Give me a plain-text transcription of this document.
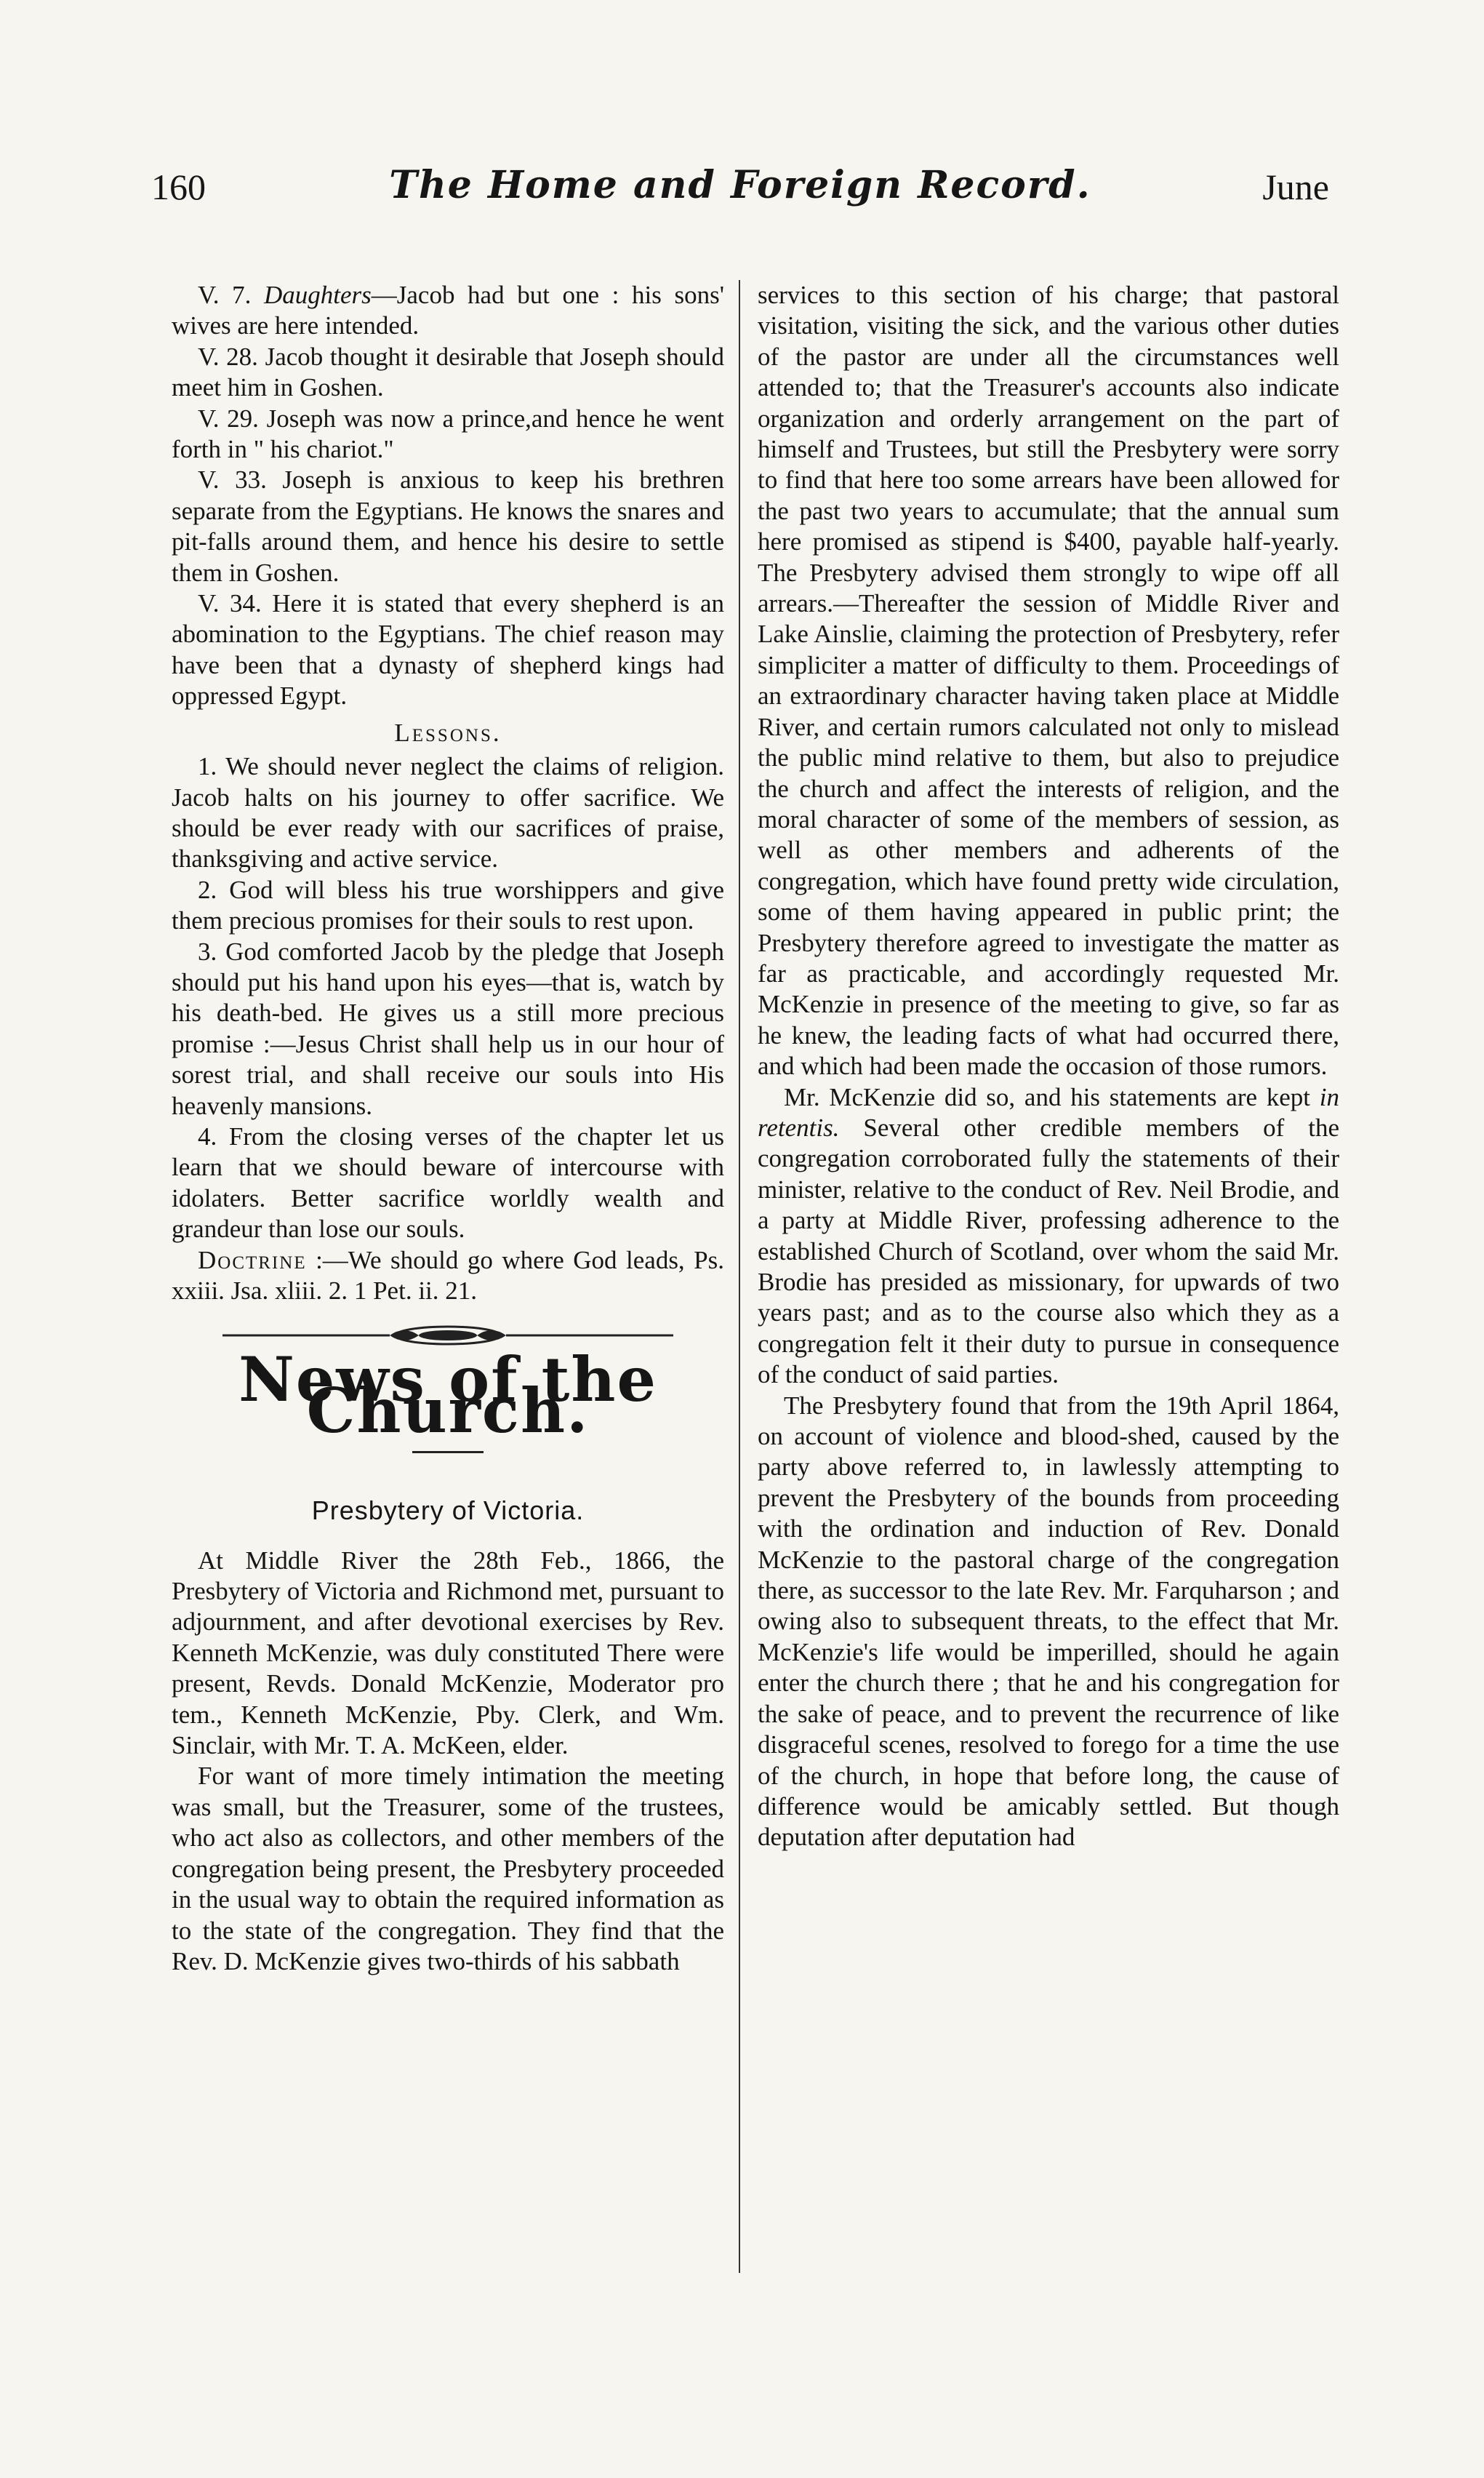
160	The Home and Foreign Record.	June

V. 7. Daughters—Jacob had but one : his sons' wives are here intended.

V. 28. Jacob thought it desirable that Joseph should meet him in Goshen.

V. 29. Joseph was now a prince,and hence he went forth in " his chariot."

V. 33. Joseph is anxious to keep his brethren separate from the Egyptians. He knows the snares and pit-falls around them, and hence his desire to settle them in Goshen.

V. 34. Here it is stated that every shepherd is an abomination to the Egyptians. The chief reason may have been that a dynasty of shepherd kings had oppressed Egypt.

Lessons.

1. We should never neglect the claims of religion. Jacob halts on his journey to offer sacrifice. We should be ever ready with our sacrifices of praise, thanksgiving and active service.

2. God will bless his true worshippers and give them precious promises for their souls to rest upon.

3. God comforted Jacob by the pledge that Joseph should put his hand upon his eyes—that is, watch by his death-bed. He gives us a still more precious promise :—Jesus Christ shall help us in our hour of sorest trial, and shall receive our souls into His heavenly mansions.

4. From the closing verses of the chapter let us learn that we should beware of intercourse with idolaters. Better sacrifice worldly wealth and grandeur than lose our souls.

Doctrine :—We should go where God leads, Ps. xxiii. Jsa. xliii. 2. 1 Pet. ii. 21.

News of the Church.
Presbytery of Victoria.

At Middle River the 28th Feb., 1866, the Presbytery of Victoria and Richmond met, pursuant to adjournment, and after devotional exercises by Rev. Kenneth McKenzie, was duly constituted There were present, Revds. Donald McKenzie, Moderator pro tem., Kenneth McKenzie, Pby. Clerk, and Wm. Sinclair, with Mr. T. A. McKeen, elder.

For want of more timely intimation the meeting was small, but the Treasurer, some of the trustees, who act also as collectors, and other members of the congregation being present, the Presbytery proceeded in the usual way to obtain the required information as to the state of the congregation. They find that the Rev. D. McKenzie gives two-thirds of his sabbath

services to this section of his charge; that pastoral visitation, visiting the sick, and the various other duties of the pastor are under all the circumstances well attended to; that the Treasurer's accounts also indicate organization and orderly arrangement on the part of himself and Trustees, but still the Presbytery were sorry to find that here too some arrears have been allowed for the past two years to accumulate; that the annual sum here promised as stipend is $400, payable half-yearly. The Presbytery advised them strongly to wipe off all arrears.—Thereafter the session of Middle River and Lake Ainslie, claiming the protection of Presbytery, refer simpliciter a matter of difficulty to them. Proceedings of an extraordinary character having taken place at Middle River, and certain rumors calculated not only to mislead the public mind relative to them, but also to prejudice the church and affect the interests of religion, and the moral character of some of the members of session, as well as other members and adherents of the congregation, which have found pretty wide circulation, some of them having appeared in public print; the Presbytery therefore agreed to investigate the matter as far as practicable, and accordingly requested Mr. McKenzie in presence of the meeting to give, so far as he knew, the leading facts of what had occurred there, and which had been made the occasion of those rumors.

Mr. McKenzie did so, and his statements are kept in retentis. Several other credible members of the congregation corroborated fully the statements of their minister, relative to the conduct of Rev. Neil Brodie, and a party at Middle River, professing adherence to the established Church of Scotland, over whom the said Mr. Brodie has presided as missionary, for upwards of two years past; and as to the course also which they as a congregation felt it their duty to pursue in consequence of the conduct of said parties.

The Presbytery found that from the 19th April 1864, on account of violence and blood-shed, caused by the party above referred to, in lawlessly attempting to prevent the Presbytery of the bounds from proceeding with the ordination and induction of Rev. Donald McKenzie to the pastoral charge of the congregation there, as successor to the late Rev. Mr. Farquharson ; and owing also to subsequent threats, to the effect that Mr. McKenzie's life would be imperilled, should he again enter the church there ; that he and his congregation for the sake of peace, and to prevent the recurrence of like disgraceful scenes, resolved to forego for a time the use of the church, in hope that before long, the cause of difference would be amicably settled. But though deputation after deputation had
